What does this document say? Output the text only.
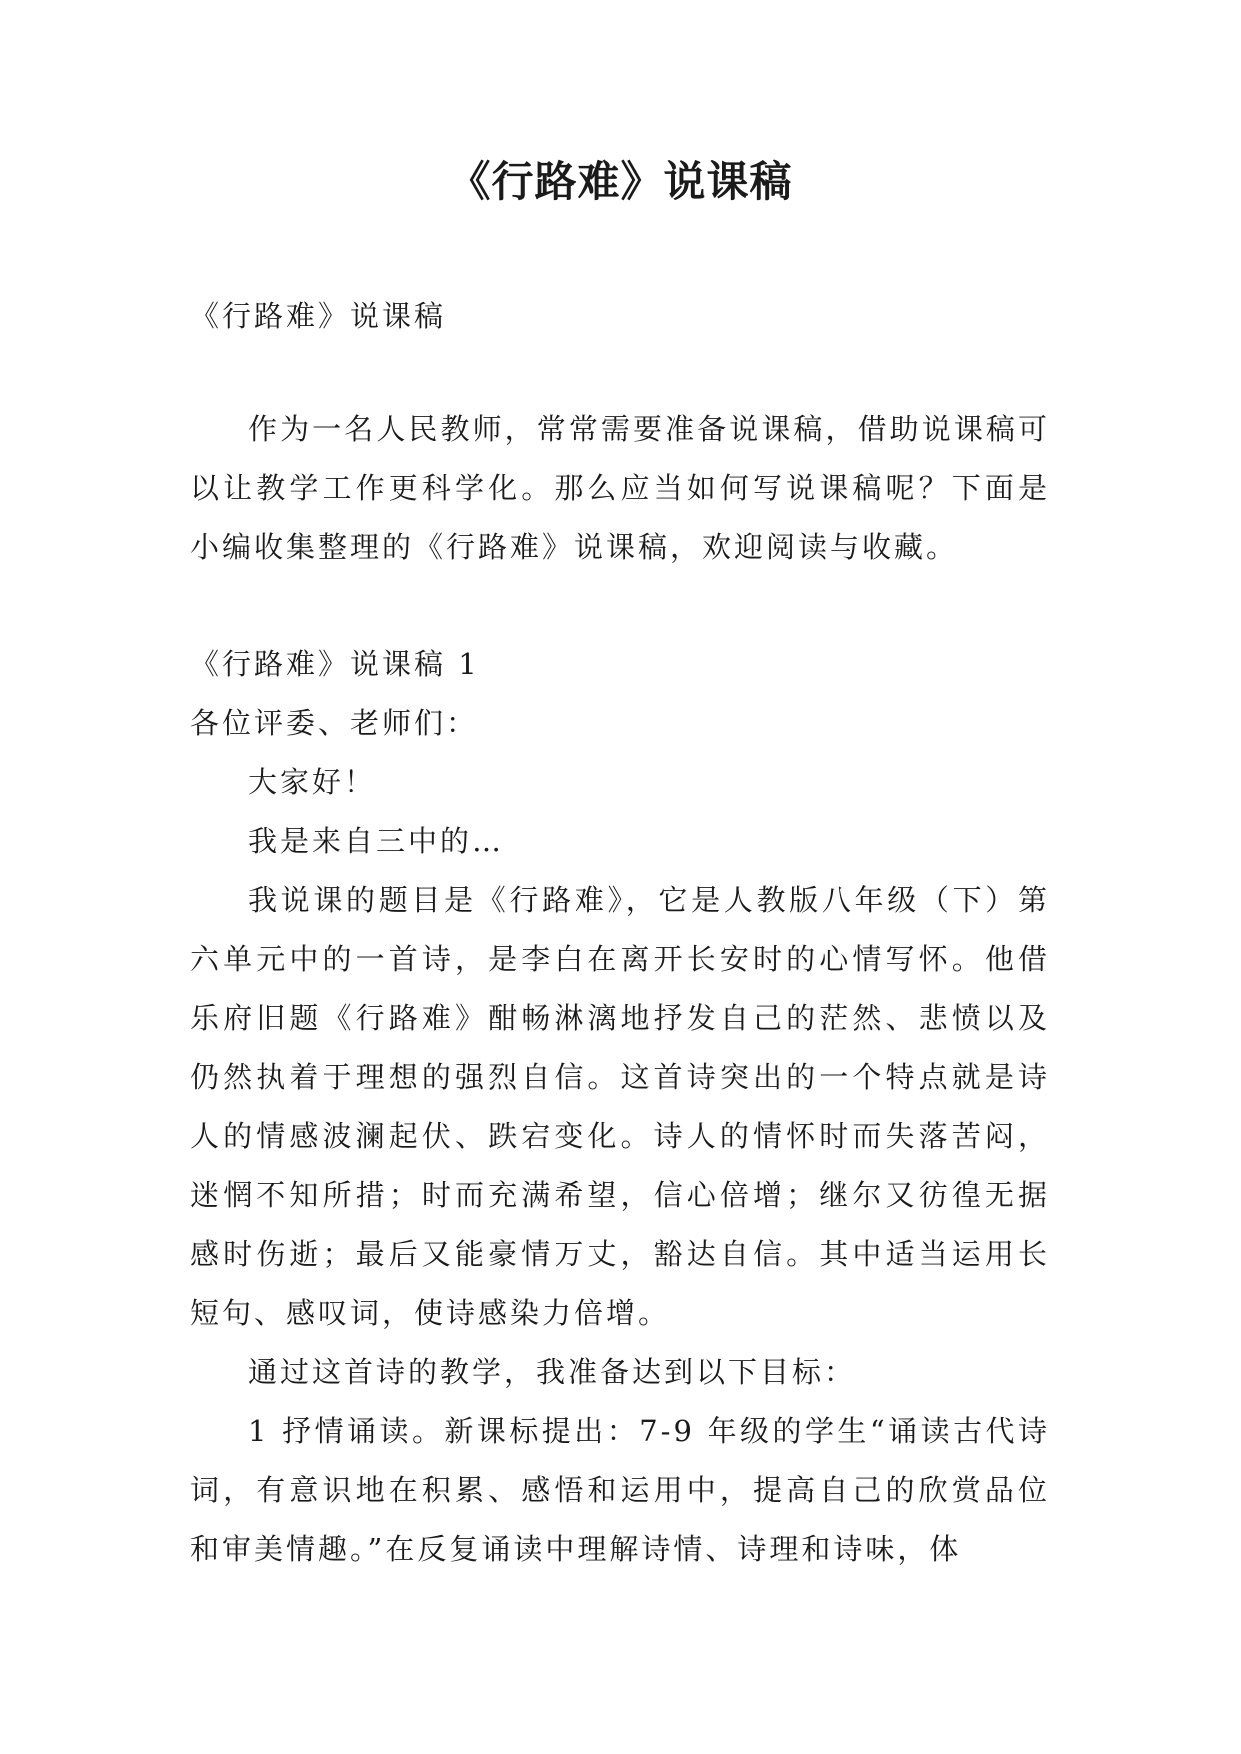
《行路难》说课稿

《行路难》说课稿

作为一名人民教师，常常需要准备说课稿，借助说课稿可以让教学工作更科学化。那么应当如何写说课稿呢？下面是小编收集整理的《行路难》说课稿，欢迎阅读与收藏。

《行路难》说课稿 1

各位评委、老师们：

大家好！

我是来自三中的…

我说课的题目是《行路难》，它是人教版八年级（下）第六单元中的一首诗，是李白在离开长安时的心情写怀。他借乐府旧题《行路难》酣畅淋漓地抒发自己的茫然、悲愤以及仍然执着于理想的强烈自信。这首诗突出的一个特点就是诗人的情感波澜起伏、跌宕变化。诗人的情怀时而失落苦闷，迷惘不知所措；时而充满希望，信心倍增；继尔又彷徨无据感时伤逝；最后又能豪情万丈，豁达自信。其中适当运用长短句、感叹词，使诗感染力倍增。

通过这首诗的教学，我准备达到以下目标：

1 抒情诵读。新课标提出：7-9 年级的学生“诵读古代诗词，有意识地在积累、感悟和运用中，提高自己的欣赏品位和审美情趣。”在反复诵读中理解诗情、诗理和诗味，体
